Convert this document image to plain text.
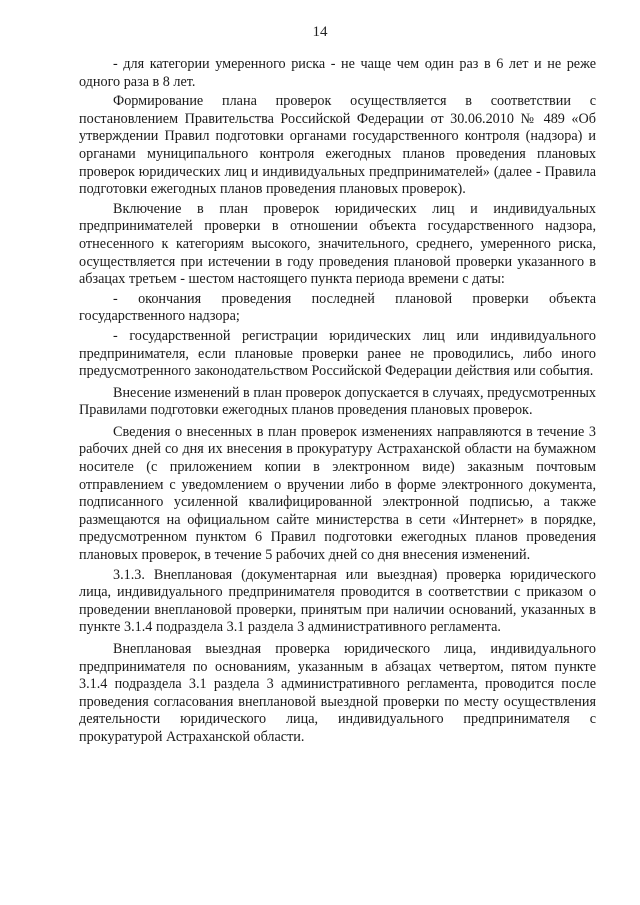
14

- для категории умеренного риска - не чаще чем один раз в 6 лет и не реже одного раза в 8 лет.

Формирование плана проверок осуществляется в соответствии с постановлением Правительства Российской Федерации от 30.06.2010 № 489 «Об утверждении Правил подготовки органами государственного контроля (надзора) и органами муниципального контроля ежегодных планов проведения плановых проверок юридических лиц и индивидуальных предпринимателей» (далее - Правила подготовки ежегодных планов проведения плановых проверок).

Включение в план проверок юридических лиц и индивидуальных предпринимателей проверки в отношении объекта государственного надзора, отнесенного к категориям высокого, значительного, среднего, умеренного риска, осуществляется при истечении в году проведения плановой проверки указанного в абзацах третьем - шестом настоящего пункта периода времени с даты:

- окончания проведения последней плановой проверки объекта государственного надзора;

- государственной регистрации юридических лиц или индивидуального предпринимателя, если плановые проверки ранее не проводились, либо иного предусмотренного законодательством Российской Федерации действия или события.

Внесение изменений в план проверок допускается в случаях, предусмотренных Правилами подготовки ежегодных планов проведения плановых проверок.

Сведения о внесенных в план проверок изменениях направляются в течение 3 рабочих дней со дня их внесения в прокуратуру Астраханской области на бумажном носителе (с приложением копии в электронном виде) заказным почтовым отправлением с уведомлением о вручении либо в форме электронного документа, подписанного усиленной квалифицированной электронной подписью, а также размещаются на официальном сайте министерства в сети «Интернет» в порядке, предусмотренном пунктом 6 Правил подготовки ежегодных планов проведения плановых проверок, в течение 5 рабочих дней со дня внесения изменений.

3.1.3. Внеплановая (документарная или выездная) проверка юридического лица, индивидуального предпринимателя проводится в соответствии с приказом о проведении внеплановой проверки, принятым при наличии оснований, указанных в пункте 3.1.4 подраздела 3.1 раздела 3 административного регламента.

Внеплановая выездная проверка юридического лица, индивидуального предпринимателя по основаниям, указанным в абзацах четвертом, пятом пункте 3.1.4 подраздела 3.1 раздела 3 административного регламента, проводится после проведения согласования внеплановой выездной проверки по месту осуществления деятельности юридического лица, индивидуального предпринимателя с прокуратурой Астраханской области.
